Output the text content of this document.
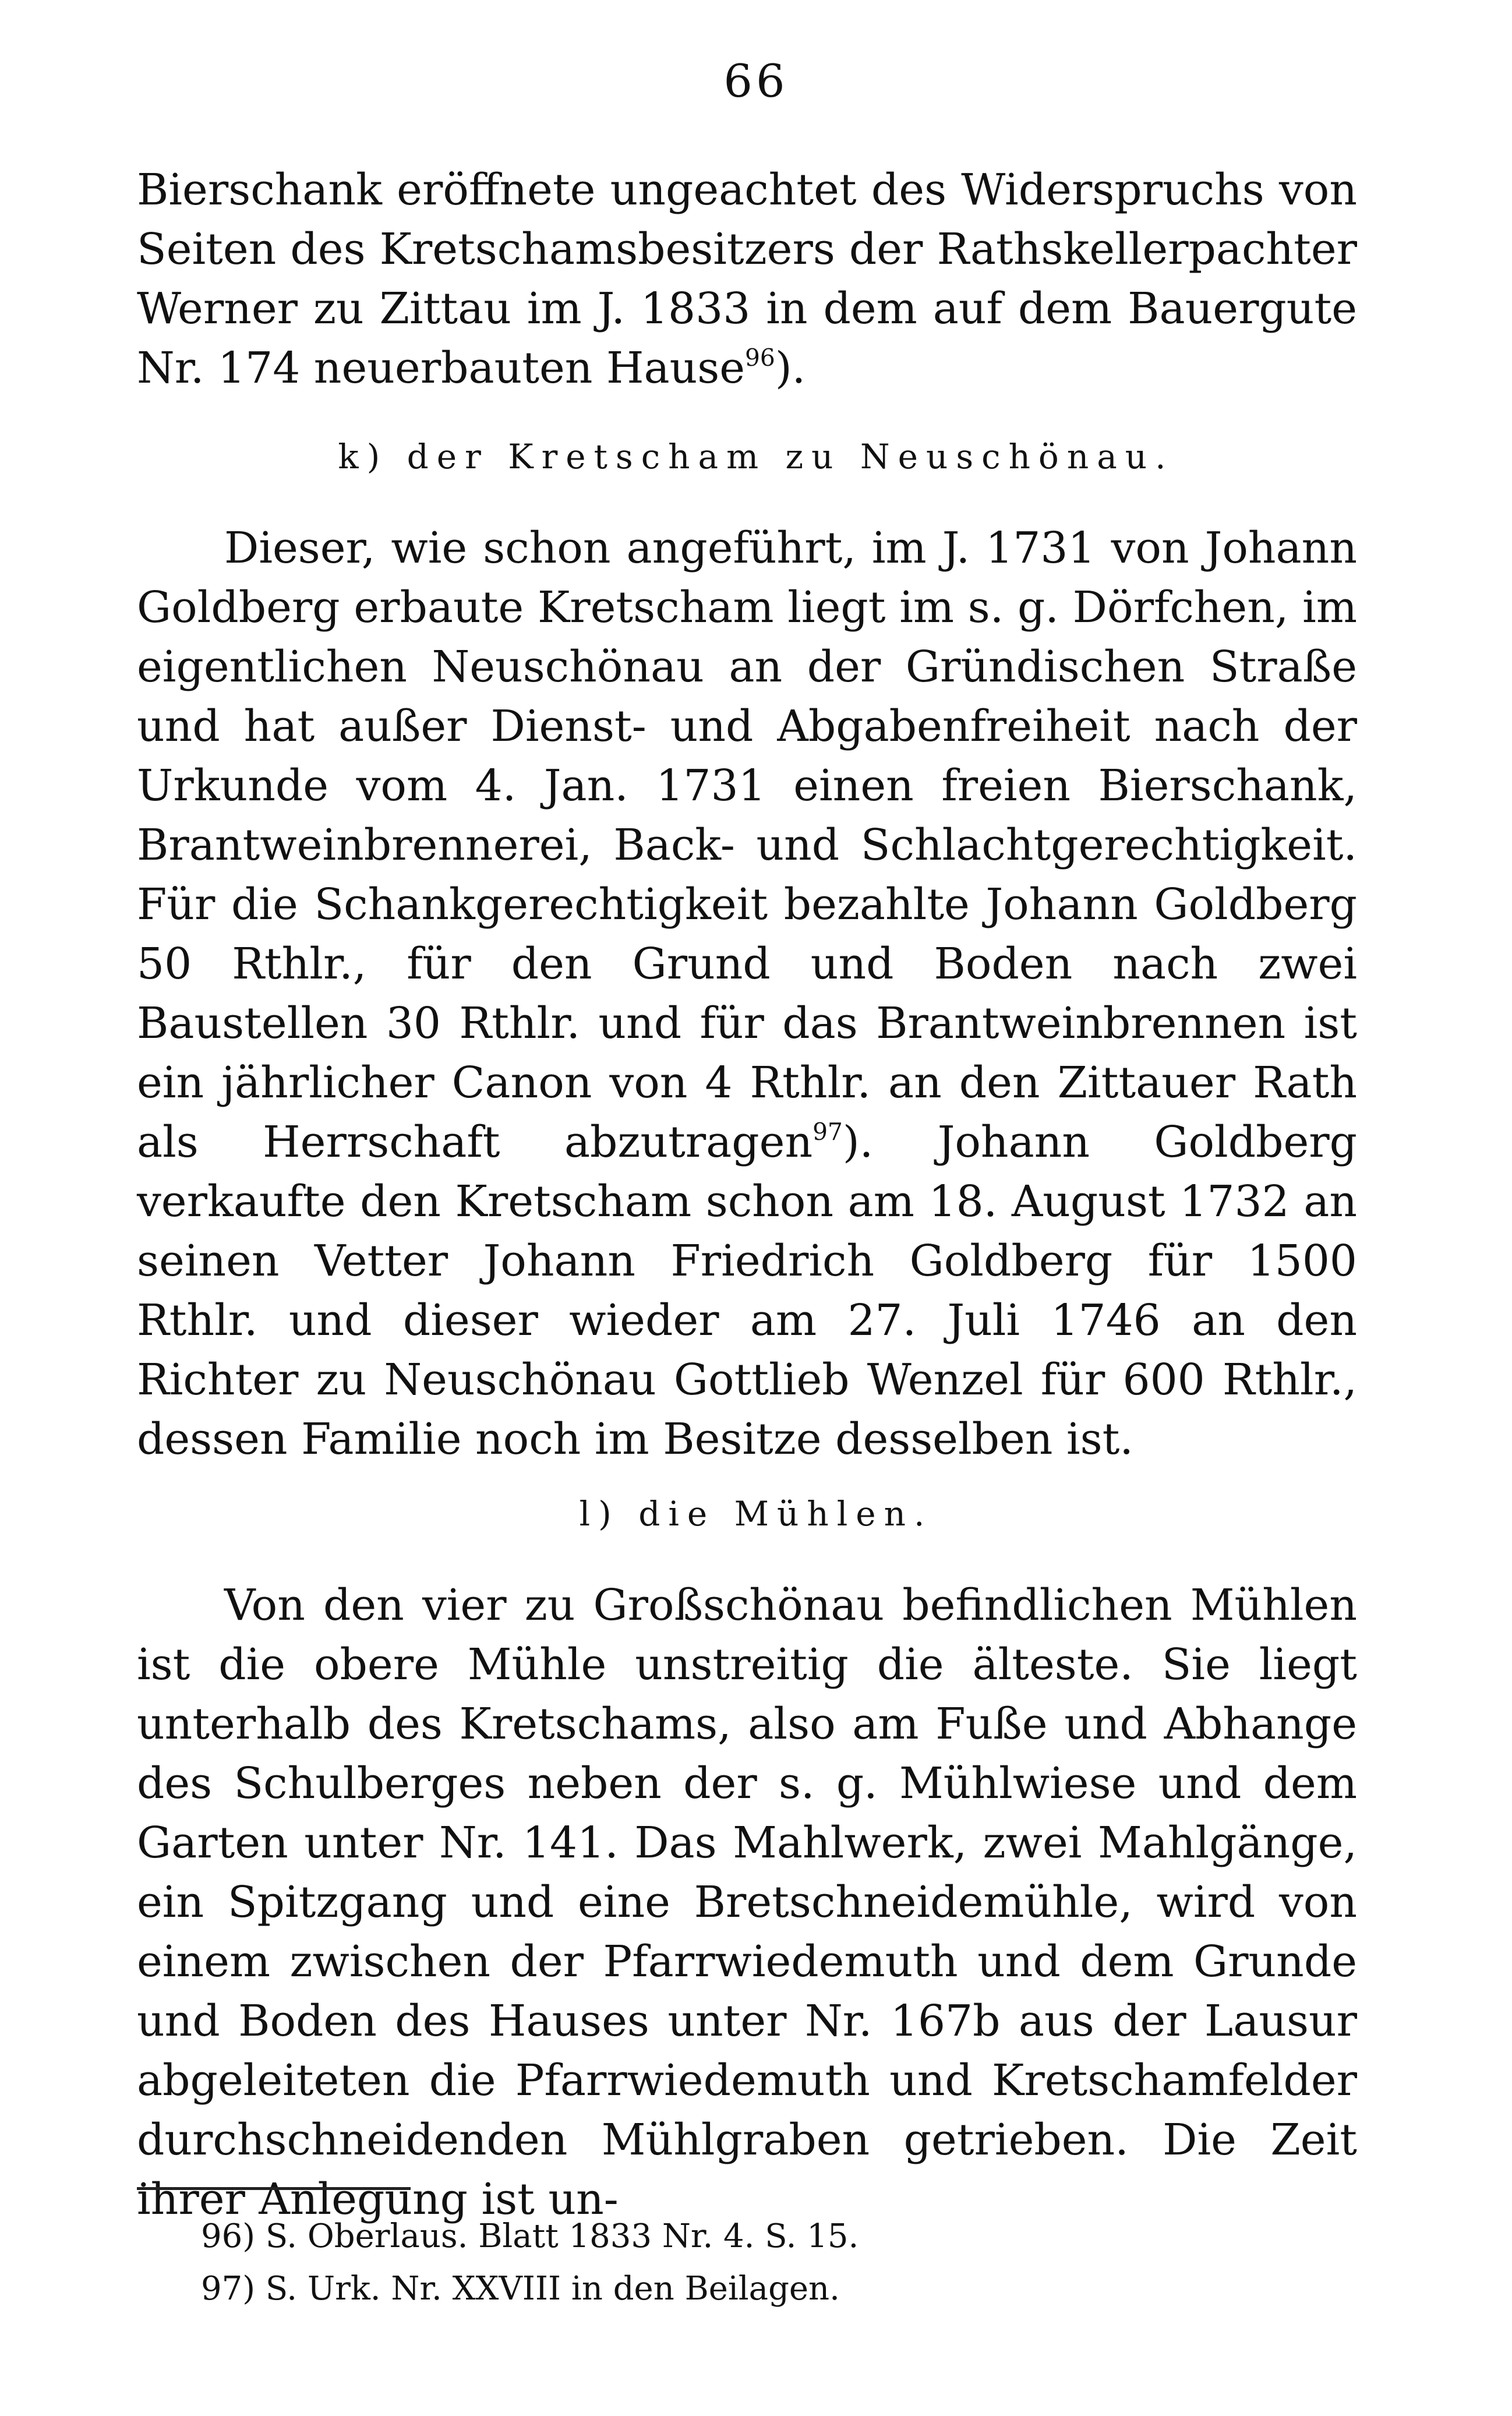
66

Bierschank eröffnete ungeachtet des Widerspruchs von Seiten des Kretschamsbesitzers der Rathskellerpachter Werner zu Zittau im J. 1833 in dem auf dem Bauergute Nr. 174 neuerbauten Hause$^{96}$).

k) der Kretscham zu Neuschönau.

Dieser, wie schon angeführt, im J. 1731 von Johann Goldberg erbaute Kretscham liegt im s. g. Dörfchen, im eigentlichen Neuschönau an der Gründischen Straße und hat außer Dienst- und Abgabenfreiheit nach der Urkunde vom 4. Jan. 1731 einen freien Bierschank, Brantweinbrennerei, Back- und Schlachtgerechtigkeit. Für die Schankgerechtigkeit bezahlte Johann Goldberg 50 Rthlr., für den Grund und Boden nach zwei Baustellen 30 Rthlr. und für das Brantweinbrennen ist ein jährlicher Canon von 4 Rthlr. an den Zittauer Rath als Herrschaft abzutragen$^{97}$). Johann Goldberg verkaufte den Kretscham schon am 18. August 1732 an seinen Vetter Johann Friedrich Goldberg für 1500 Rthlr. und dieser wieder am 27. Juli 1746 an den Richter zu Neuschönau Gottlieb Wenzel für 600 Rthlr., dessen Familie noch im Besitze desselben ist.

l) die Mühlen.

Von den vier zu Großschönau befindlichen Mühlen ist die obere Mühle unstreitig die älteste. Sie liegt unterhalb des Kretschams, also am Fuße und Abhange des Schulberges neben der s. g. Mühlwiese und dem Garten unter Nr. 141. Das Mahlwerk, zwei Mahlgänge, ein Spitzgang und eine Bretschneidemühle, wird von einem zwischen der Pfarrwiedemuth und dem Grunde und Boden des Hauses unter Nr. 167b aus der Lausur abgeleiteten die Pfarrwiedemuth und Kretschamfelder durchschneidenden Mühlgraben getrieben. Die Zeit ihrer Anlegung ist un-

96) S. Oberlaus. Blatt 1833 Nr. 4. S. 15.
97) S. Urk. Nr. XXVIII in den Beilagen.
